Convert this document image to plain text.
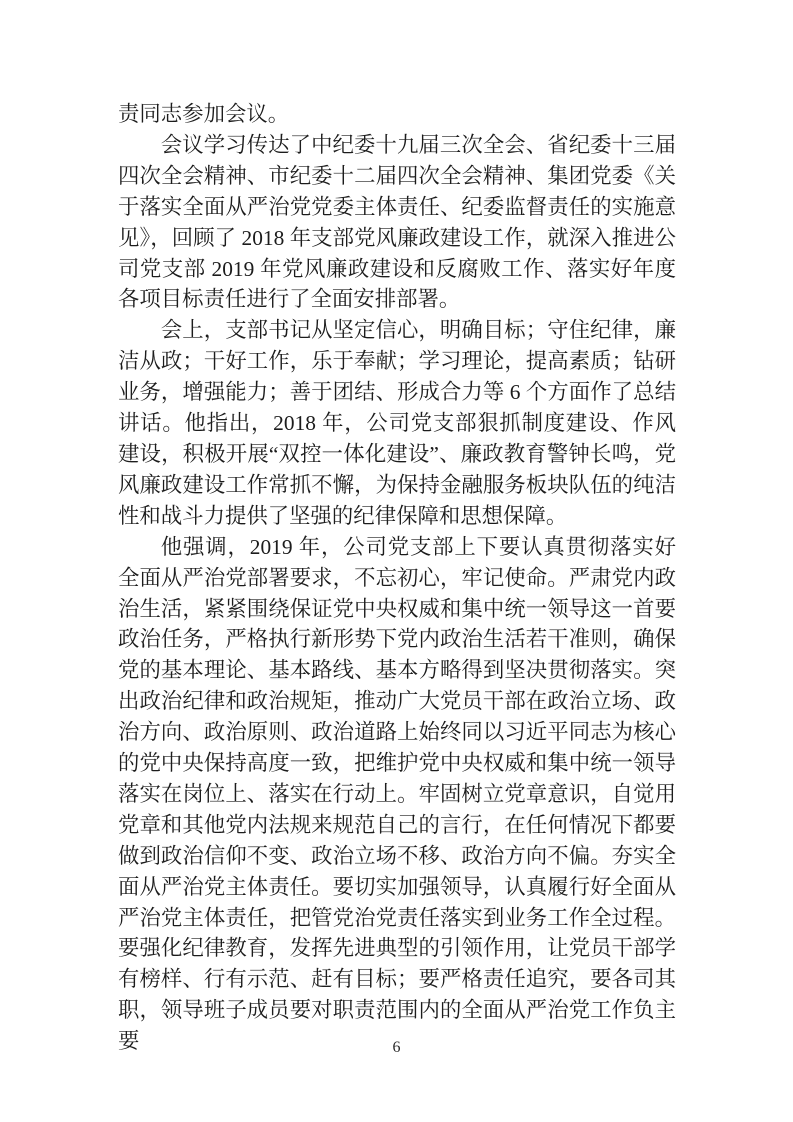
责同志参加会议。

会议学习传达了中纪委十九届三次全会、省纪委十三届四次全会精神、市纪委十二届四次全会精神、集团党委《关于落实全面从严治党党委主体责任、纪委监督责任的实施意见》，回顾了 2018 年支部党风廉政建设工作，就深入推进公司党支部 2019 年党风廉政建设和反腐败工作、落实好年度各项目标责任进行了全面安排部署。

会上，支部书记从坚定信心，明确目标；守住纪律，廉洁从政；干好工作，乐于奉献；学习理论，提高素质；钻研业务，增强能力；善于团结、形成合力等 6 个方面作了总结讲话。他指出，2018 年，公司党支部狠抓制度建设、作风建设，积极开展“双控一体化建设”、廉政教育警钟长鸣，党风廉政建设工作常抓不懈，为保持金融服务板块队伍的纯洁性和战斗力提供了坚强的纪律保障和思想保障。

他强调，2019 年，公司党支部上下要认真贯彻落实好全面从严治党部署要求，不忘初心，牢记使命。严肃党内政治生活，紧紧围绕保证党中央权威和集中统一领导这一首要政治任务，严格执行新形势下党内政治生活若干准则，确保党的基本理论、基本路线、基本方略得到坚决贯彻落实。突出政治纪律和政治规矩，推动广大党员干部在政治立场、政治方向、政治原则、政治道路上始终同以习近平同志为核心的党中央保持高度一致，把维护党中央权威和集中统一领导落实在岗位上、落实在行动上。牢固树立党章意识，自觉用党章和其他党内法规来规范自己的言行，在任何情况下都要做到政治信仰不变、政治立场不移、政治方向不偏。夯实全面从严治党主体责任。要切实加强领导，认真履行好全面从严治党主体责任，把管党治党责任落实到业务工作全过程。要强化纪律教育，发挥先进典型的引领作用，让党员干部学有榜样、行有示范、赶有目标；要严格责任追究，要各司其职，领导班子成员要对职责范围内的全面从严治党工作负主要	6
